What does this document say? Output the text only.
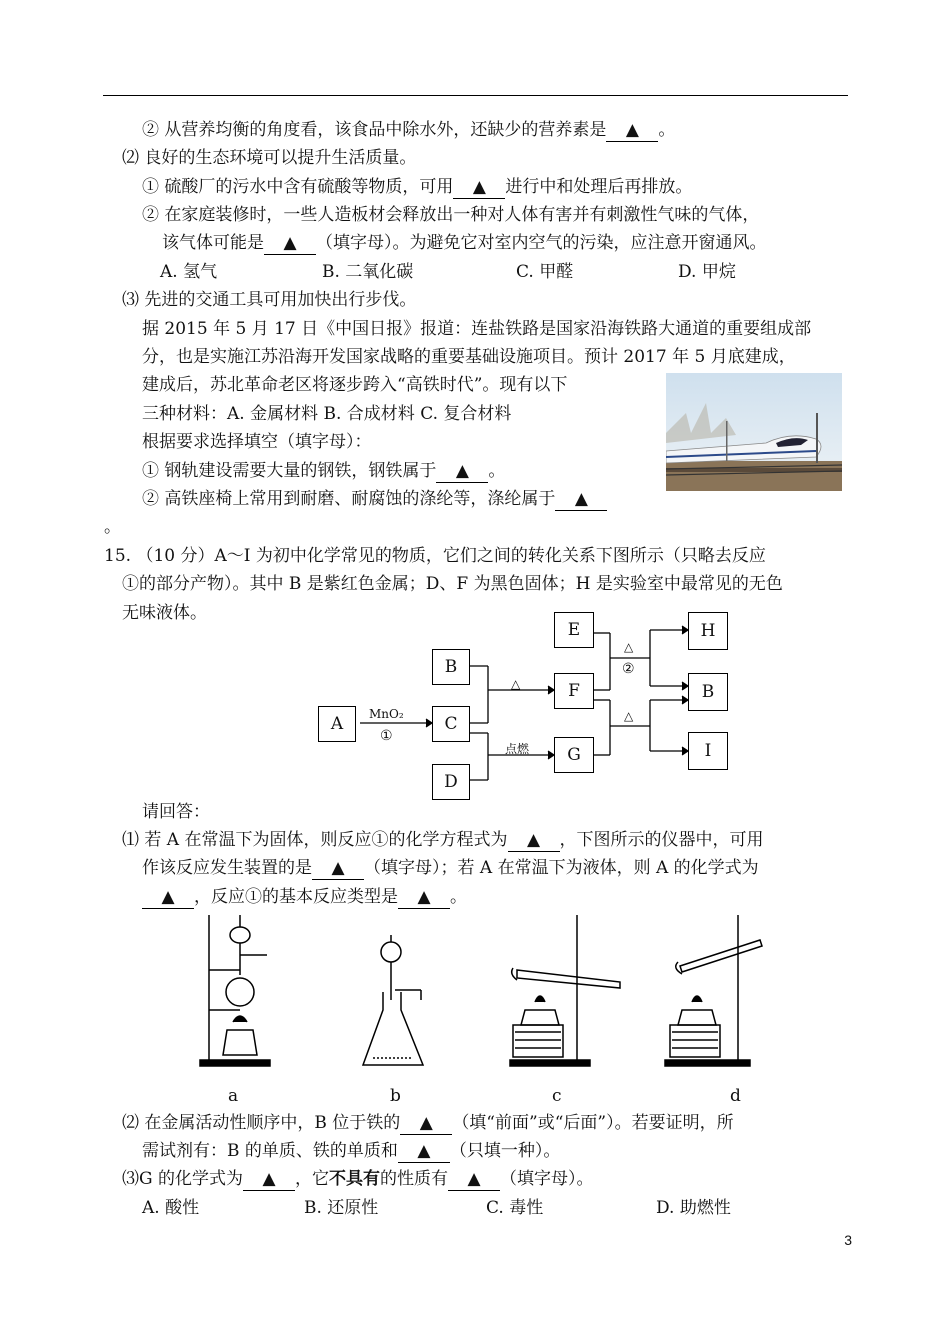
② 从营养均衡的角度看，该食品中除水外，还缺少的营养素是 ▲ 。
⑵ 良好的生态环境可以提升生活质量。
① 硫酸厂的污水中含有硫酸等物质，可用 ▲ 进行中和处理后再排放。
② 在家庭装修时，一些人造板材会释放出一种对人体有害并有刺激性气味的气体，
该气体可能是 ▲ （填字母）。为避免它对室内空气的污染，应注意开窗通风。
A. 氢气	B. 二氧化碳	C. 甲醛	D. 甲烷
⑶ 先进的交通工具可用加快出行步伐。
据 2015 年 5 月 17 日《中国日报》报道：连盐铁路是国家沿海铁路大通道的重要组成部
分，也是实施江苏沿海开发国家战略的重要基础设施项目。预计 2017 年 5 月底建成，
建成后，苏北革命老区将逐步跨入“高铁时代”。现有以下
三种材料：A. 金属材料 B. 合成材料 C. 复合材料
根据要求选择填空（填字母）：
① 钢轨建设需要大量的钢铁，钢铁属于 ▲ 。
② 高铁座椅上常用到耐磨、耐腐蚀的涤纶等，涤纶属于 ▲
。
15. （10 分）A～I 为初中化学常见的物质，它们之间的转化关系下图所示（只略去反应
①的部分产物）。其中 B 是紫红色金属；D、F 为黑色固体；H 是实验室中最常见的无色
无味液体。
A
B
C
D
E
F
G
H
B
I
MnO₂
①
△
点燃
△
②
△
请回答：
⑴ 若 A 在常温下为固体，则反应①的化学方程式为 ▲ ，下图所示的仪器中，可用
作该反应发生装置的是 ▲ （填字母）；若 A 在常温下为液体，则 A 的化学式为
▲ ，反应①的基本反应类型是 ▲ 。
a	b	c	d
⑵ 在金属活动性顺序中，B 位于铁的 ▲ （填“前面”或“后面”）。若要证明，所
需试剂有：B 的单质、铁的单质和 ▲ （只填一种）。
⑶G 的化学式为 ▲ ，它不具有的性质有 ▲ （填字母）。
A. 酸性	B. 还原性	C. 毒性	D. 助燃性
3
